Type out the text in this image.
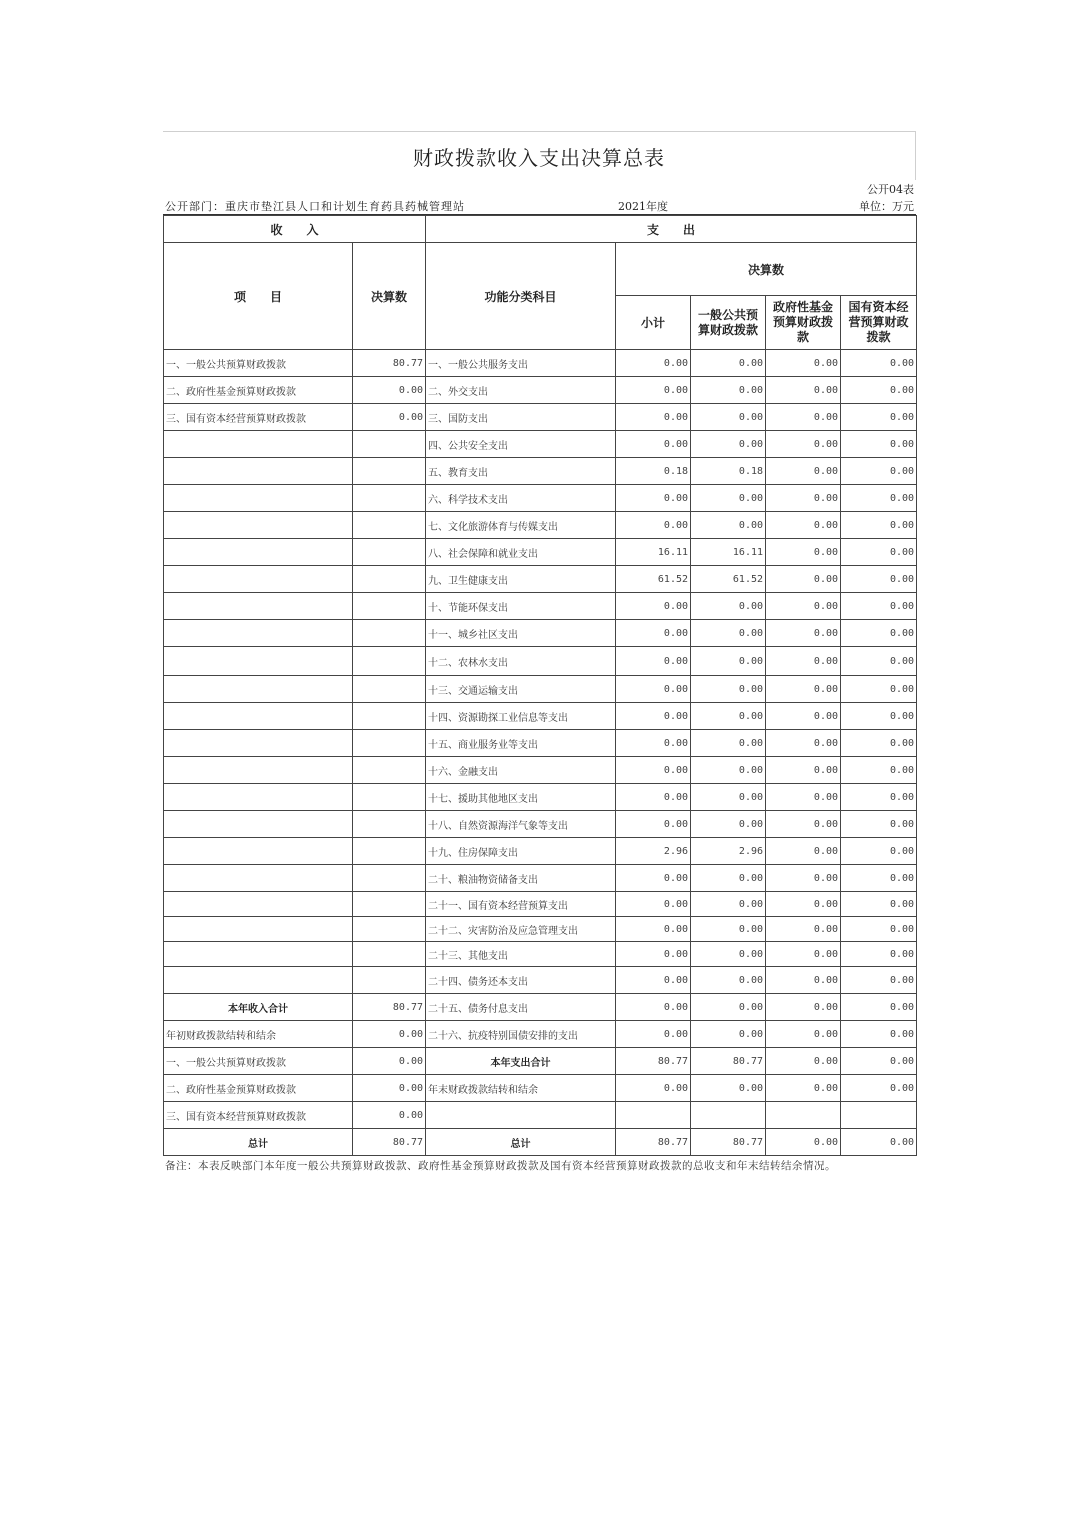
财政拨款收入支出决算总表
公开04表
公开部门：重庆市垫江县人口和计划生育药具药械管理站	2021年度	单位：万元
收　　入		支　　出				
项　　目	决算数	功能分类科目	决算数			
			小计	一般公共预算财政拨款	政府性基金预算财政拨款	国有资本经营预算财政拨款
一、一般公共预算财政拨款	80.77	一、一般公共服务支出	0.00	0.00	0.00	0.00
二、政府性基金预算财政拨款	0.00	二、外交支出	0.00	0.00	0.00	0.00
三、国有资本经营预算财政拨款	0.00	三、国防支出	0.00	0.00	0.00	0.00
		四、公共安全支出	0.00	0.00	0.00	0.00
		五、教育支出	0.18	0.18	0.00	0.00
		六、科学技术支出	0.00	0.00	0.00	0.00
		七、文化旅游体育与传媒支出	0.00	0.00	0.00	0.00
		八、社会保障和就业支出	16.11	16.11	0.00	0.00
		九、卫生健康支出	61.52	61.52	0.00	0.00
		十、节能环保支出	0.00	0.00	0.00	0.00
		十一、城乡社区支出	0.00	0.00	0.00	0.00
		十二、农林水支出	0.00	0.00	0.00	0.00
		十三、交通运输支出	0.00	0.00	0.00	0.00
		十四、资源勘探工业信息等支出	0.00	0.00	0.00	0.00
		十五、商业服务业等支出	0.00	0.00	0.00	0.00
		十六、金融支出	0.00	0.00	0.00	0.00
		十七、援助其他地区支出	0.00	0.00	0.00	0.00
		十八、自然资源海洋气象等支出	0.00	0.00	0.00	0.00
		十九、住房保障支出	2.96	2.96	0.00	0.00
		二十、粮油物资储备支出	0.00	0.00	0.00	0.00
		二十一、国有资本经营预算支出	0.00	0.00	0.00	0.00
		二十二、灾害防治及应急管理支出	0.00	0.00	0.00	0.00
		二十三、其他支出	0.00	0.00	0.00	0.00
		二十四、债务还本支出	0.00	0.00	0.00	0.00
本年收入合计	80.77	二十五、债务付息支出	0.00	0.00	0.00	0.00
年初财政拨款结转和结余	0.00	二十六、抗疫特别国债安排的支出	0.00	0.00	0.00	0.00
一、一般公共预算财政拨款	0.00	本年支出合计	80.77	80.77	0.00	0.00
二、政府性基金预算财政拨款	0.00	年末财政拨款结转和结余	0.00	0.00	0.00	0.00
三、国有资本经营预算财政拨款	0.00					
总计	80.77	总计	80.77	80.77	0.00	0.00
备注：本表反映部门本年度一般公共预算财政拨款、政府性基金预算财政拨款及国有资本经营预算财政拨款的总收支和年末结转结余情况。
